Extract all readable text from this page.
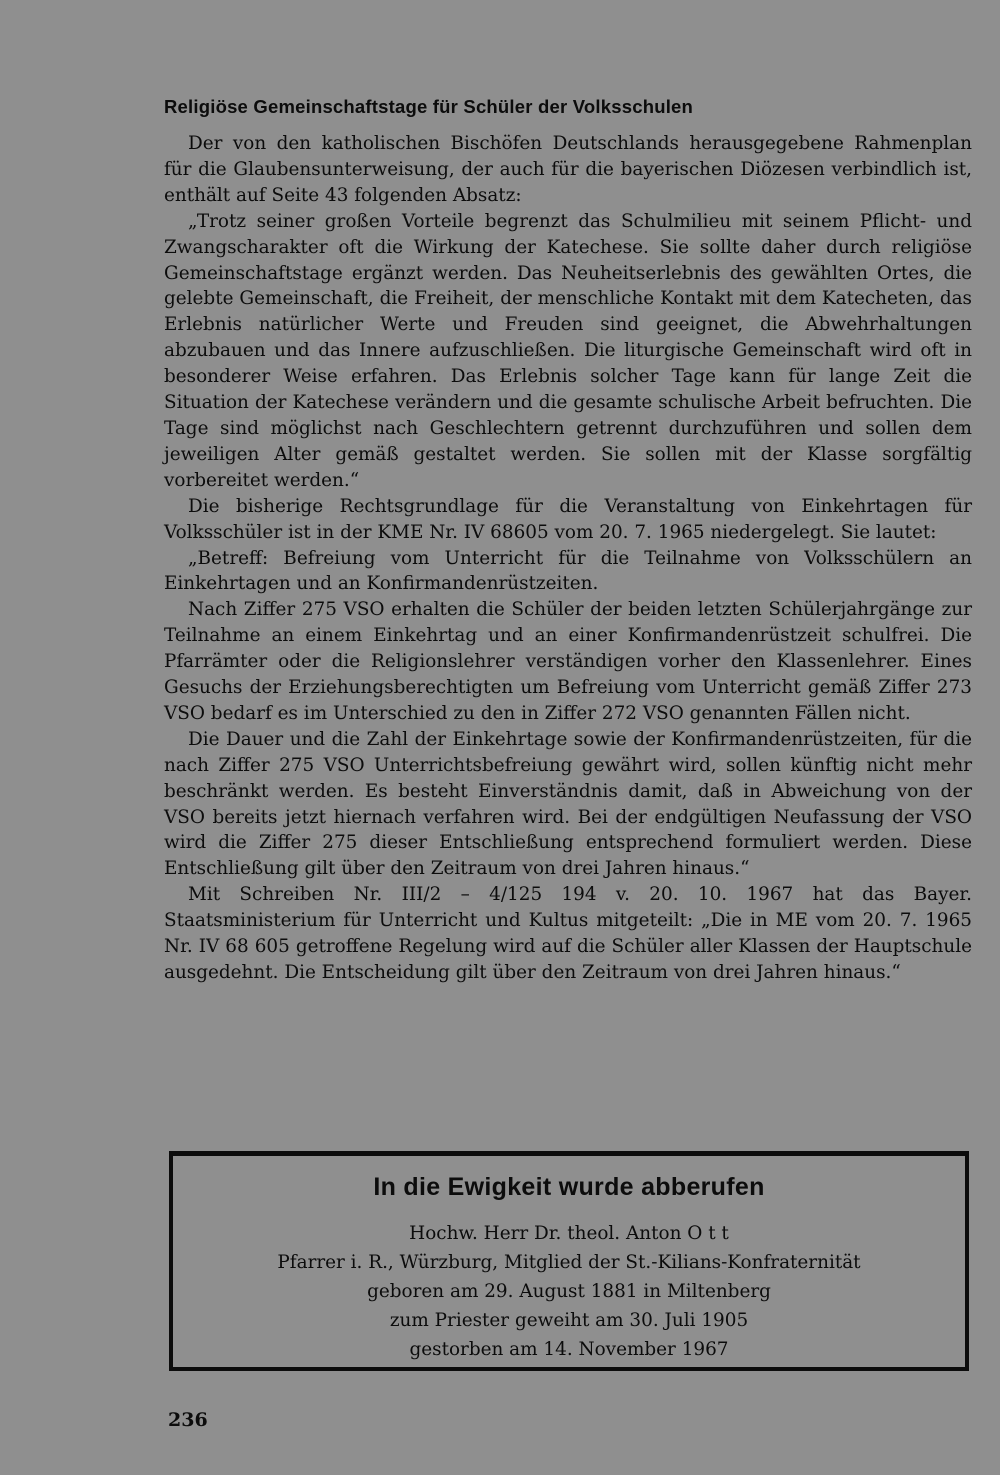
Religiöse Gemeinschaftstage für Schüler der Volksschulen

Der von den katholischen Bischöfen Deutschlands herausgegebene Rahmenplan für die Glaubensunterweisung, der auch für die bayerischen Diözesen verbindlich ist, enthält auf Seite 43 folgenden Absatz:

„Trotz seiner großen Vorteile begrenzt das Schulmilieu mit seinem Pflicht- und Zwangscharakter oft die Wirkung der Katechese. Sie sollte daher durch religiöse Gemeinschaftstage ergänzt werden. Das Neuheitserlebnis des gewählten Ortes, die gelebte Gemeinschaft, die Freiheit, der menschliche Kontakt mit dem Katecheten, das Erlebnis natürlicher Werte und Freuden sind geeignet, die Abwehrhaltungen abzubauen und das Innere aufzuschließen. Die liturgische Gemeinschaft wird oft in besonderer Weise erfahren. Das Erlebnis solcher Tage kann für lange Zeit die Situation der Katechese verändern und die gesamte schulische Arbeit befruchten. Die Tage sind möglichst nach Geschlechtern getrennt durchzuführen und sollen dem jeweiligen Alter gemäß gestaltet werden. Sie sollen mit der Klasse sorgfältig vorbereitet werden.“

Die bisherige Rechtsgrundlage für die Veranstaltung von Einkehrtagen für Volksschüler ist in der KME Nr. IV 68605 vom 20. 7. 1965 niedergelegt. Sie lautet:

„Betreff: Befreiung vom Unterricht für die Teilnahme von Volksschülern an Einkehrtagen und an Konfirmandenrüstzeiten.

Nach Ziffer 275 VSO erhalten die Schüler der beiden letzten Schülerjahrgänge zur Teilnahme an einem Einkehrtag und an einer Konfirmandenrüstzeit schulfrei. Die Pfarrämter oder die Religionslehrer verständigen vorher den Klassenlehrer. Eines Gesuchs der Erziehungsberechtigten um Befreiung vom Unterricht gemäß Ziffer 273 VSO bedarf es im Unterschied zu den in Ziffer 272 VSO genannten Fällen nicht.

Die Dauer und die Zahl der Einkehrtage sowie der Konfirmandenrüstzeiten, für die nach Ziffer 275 VSO Unterrichtsbefreiung gewährt wird, sollen künftig nicht mehr beschränkt werden. Es besteht Einverständnis damit, daß in Abweichung von der VSO bereits jetzt hiernach verfahren wird. Bei der endgültigen Neufassung der VSO wird die Ziffer 275 dieser Entschließung entsprechend formuliert werden. Diese Entschließung gilt über den Zeitraum von drei Jahren hinaus.“

Mit Schreiben Nr. III/2 – 4/125 194 v. 20. 10. 1967 hat das Bayer. Staatsministerium für Unterricht und Kultus mitgeteilt: „Die in ME vom 20. 7. 1965 Nr. IV 68 605 getroffene Regelung wird auf die Schüler aller Klassen der Hauptschule ausgedehnt. Die Entscheidung gilt über den Zeitraum von drei Jahren hinaus.“

In die Ewigkeit wurde abberufen
Hochw. Herr Dr. theol. Anton O t t
Pfarrer i. R., Würzburg, Mitglied der St.-Kilians-Konfraternität
geboren am 29. August 1881 in Miltenberg
zum Priester geweiht am 30. Juli 1905
gestorben am 14. November 1967
236
